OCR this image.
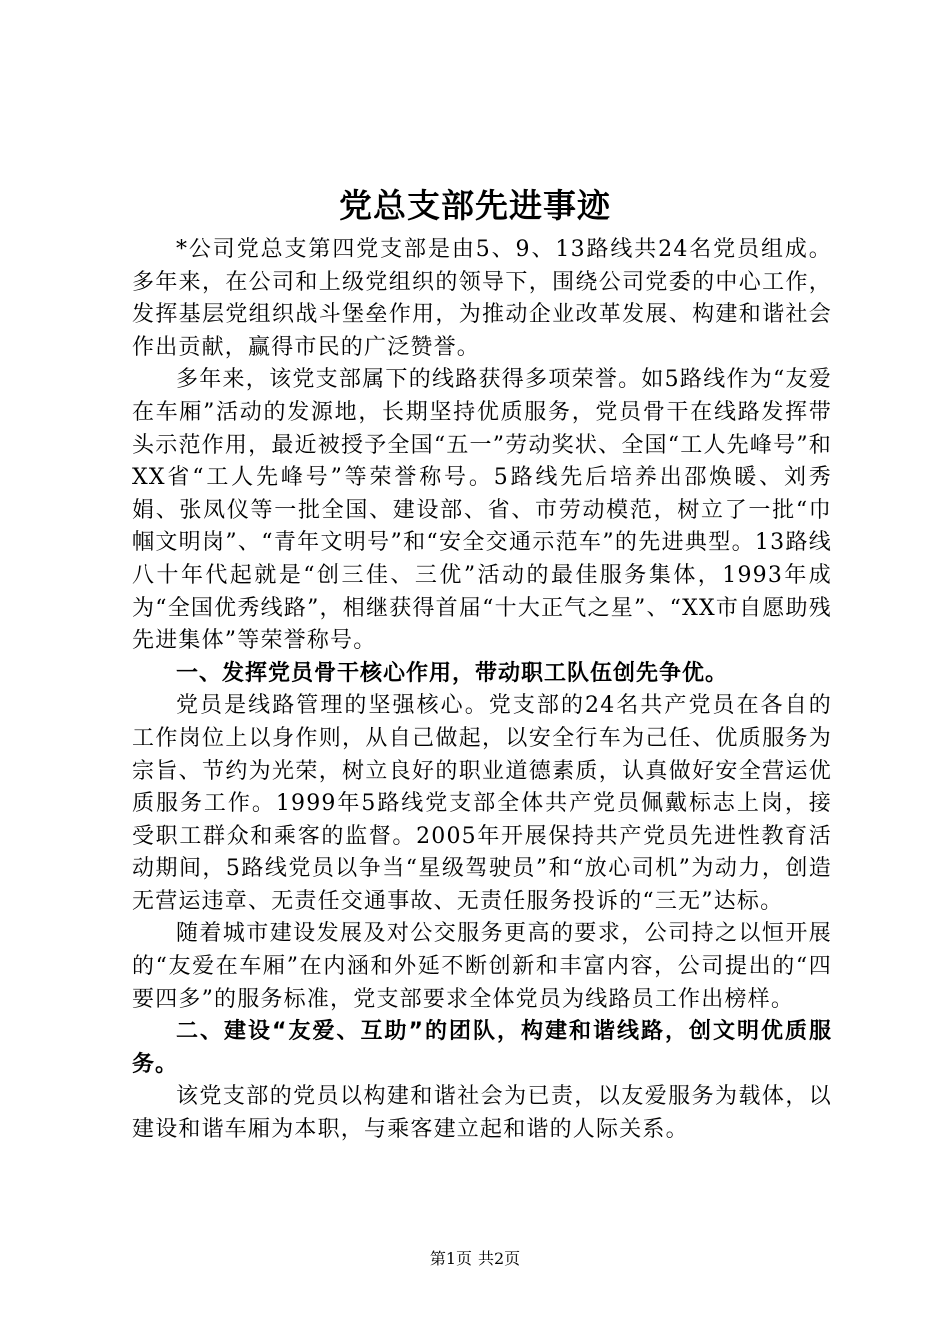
党总支部先进事迹

*公司党总支第四党支部是由5、9、13路线共24名党员组成。多年来，在公司和上级党组织的领导下，围绕公司党委的中心工作，发挥基层党组织战斗堡垒作用，为推动企业改革发展、构建和谐社会作出贡献，赢得市民的广泛赞誉。

多年来，该党支部属下的线路获得多项荣誉。如5路线作为“友爱在车厢”活动的发源地，长期坚持优质服务，党员骨干在线路发挥带头示范作用，最近被授予全国“五一”劳动奖状、全国“工人先峰号”和XX省“工人先峰号”等荣誉称号。5路线先后培养出邵焕暖、刘秀娟、张凤仪等一批全国、建设部、省、市劳动模范，树立了一批“巾帼文明岗”、“青年文明号”和“安全交通示范车”的先进典型。13路线八十年代起就是“创三佳、三优”活动的最佳服务集体，1993年成为“全国优秀线路”，相继获得首届“十大正气之星”、“XX市自愿助残先进集体”等荣誉称号。

一、发挥党员骨干核心作用，带动职工队伍创先争优。

党员是线路管理的坚强核心。党支部的24名共产党员在各自的工作岗位上以身作则，从自己做起，以安全行车为己任、优质服务为宗旨、节约为光荣，树立良好的职业道德素质，认真做好安全营运优质服务工作。1999年5路线党支部全体共产党员佩戴标志上岗，接受职工群众和乘客的监督。2005年开展保持共产党员先进性教育活动期间，5路线党员以争当“星级驾驶员”和“放心司机”为动力，创造无营运违章、无责任交通事故、无责任服务投诉的“三无”达标。

随着城市建设发展及对公交服务更高的要求，公司持之以恒开展的“友爱在车厢”在内涵和外延不断创新和丰富内容，公司提出的“四要四多”的服务标准，党支部要求全体党员为线路员工作出榜样。

二、建设“友爱、互助”的团队，构建和谐线路，创文明优质服务。

该党支部的党员以构建和谐社会为已责，以友爱服务为载体，以建设和谐车厢为本职，与乘客建立起和谐的人际关系。

第1页 共2页
